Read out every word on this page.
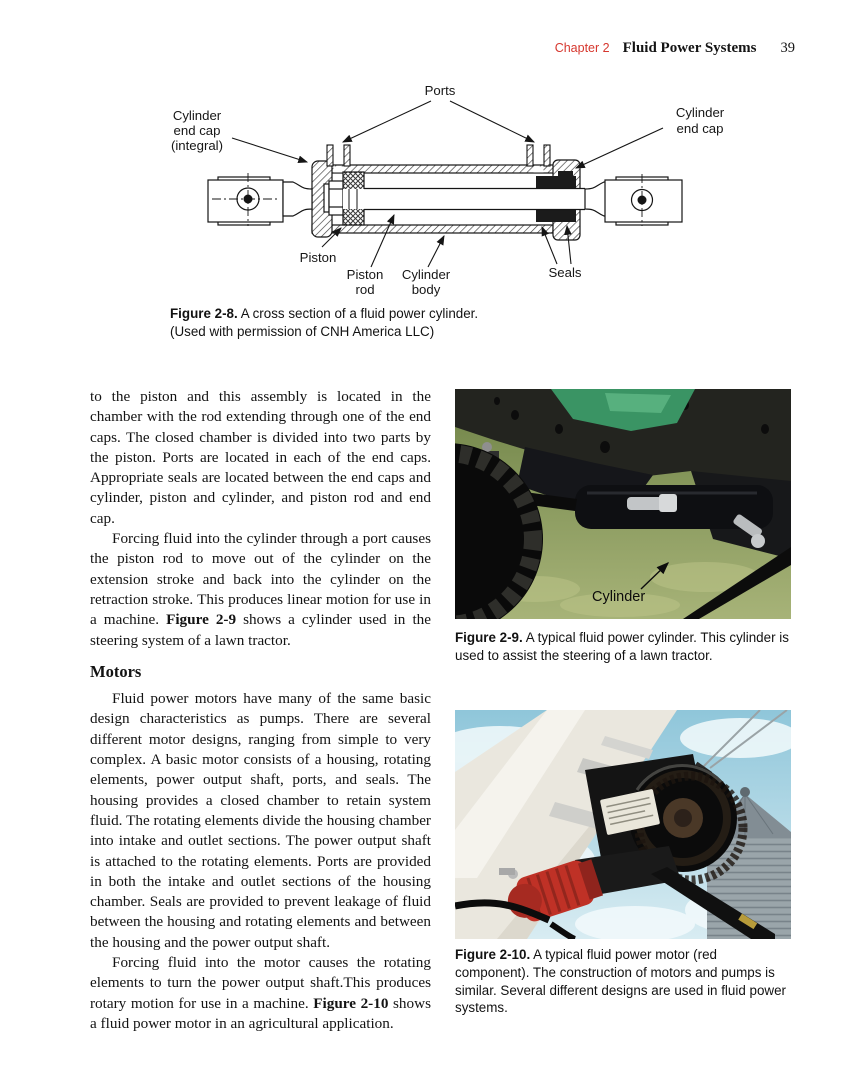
Chapter 2 Fluid Power Systems 39
Ports
Cylinder
end cap
(integral)
Cylinder
end cap
Piston
Piston
rod
Cylinder
body
Seals
Figure 2-8. A cross section of a fluid power cylinder.
(Used with permission of CNH America LLC)

to the piston and this assembly is located in the chamber with the rod extending through one of the end caps. The closed chamber is divided into two parts by the piston. Ports are located in each of the end caps. Appropriate seals are located between the end caps and cylinder, piston and cylinder, and piston rod and end cap.

Forcing fluid into the cylinder through a port causes the piston rod to move out of the cylinder on the extension stroke and back into the cylinder on the retraction stroke. This produces linear motion for use in a machine. Figure 2-9 shows a cylinder used in the steering system of a lawn tractor.

Motors

Fluid power motors have many of the same basic design characteristics as pumps. There are several different motor designs, ranging from simple to very complex. A basic motor consists of a housing, rotating elements, power output shaft, ports, and seals. The housing provides a closed chamber to retain system fluid. The rotating elements divide the housing chamber into intake and outlet sections. The power output shaft is attached to the rotating elements. Ports are provided in both the intake and outlet sections of the housing chamber. Seals are provided to prevent leakage of fluid between the housing and rotating elements and between the housing and the power output shaft.

Forcing fluid into the motor causes the rotating elements to turn the power output shaft.This produces rotary motion for use in a machine. Figure 2-10 shows a fluid power motor in an agricultural application.

Cylinder
Figure 2-9. A typical fluid power cylinder. This cylinder is used to assist the steering of a lawn tractor.
Figure 2-10. A typical fluid power motor (red component). The construction of motors and pumps is similar. Several different designs are used in fluid power systems.
